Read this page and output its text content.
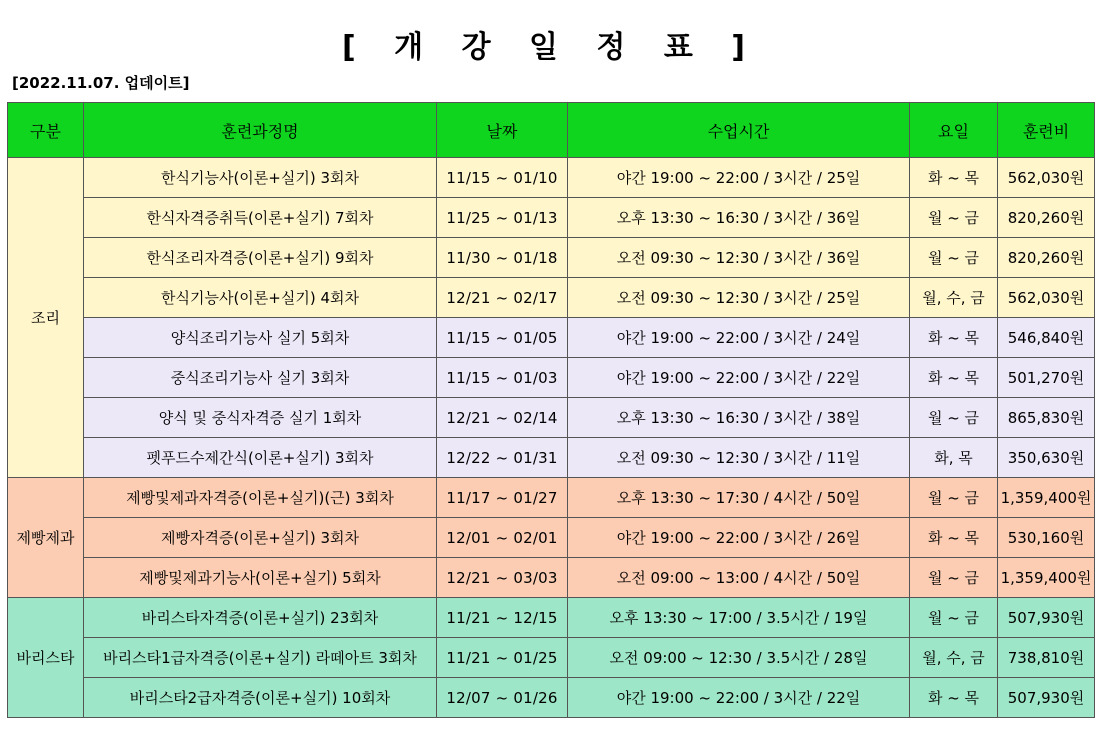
[ 개 강 일 정 표 ]
[2022.11.07. 업데이트]
구분	훈련과정명	날짜	수업시간	요일	훈련비
조리	한식기능사(이론+실기) 3회차	11/15 ~ 01/10	야간 19:00 ~ 22:00 / 3시간 / 25일	화 ~ 목	562,030원
	한식자격증취득(이론+실기) 7회차	11/25 ~ 01/13	오후 13:30 ~ 16:30 / 3시간 / 36일	월 ~ 금	820,260원
	한식조리자격증(이론+실기) 9회차	11/30 ~ 01/18	오전 09:30 ~ 12:30 / 3시간 / 36일	월 ~ 금	820,260원
	한식기능사(이론+실기) 4회차	12/21 ~ 02/17	오전 09:30 ~ 12:30 / 3시간 / 25일	월, 수, 금	562,030원
	양식조리기능사 실기 5회차	11/15 ~ 01/05	야간 19:00 ~ 22:00 / 3시간 / 24일	화 ~ 목	546,840원
	중식조리기능사 실기 3회차	11/15 ~ 01/03	야간 19:00 ~ 22:00 / 3시간 / 22일	화 ~ 목	501,270원
	양식 및 중식자격증 실기 1회차	12/21 ~ 02/14	오후 13:30 ~ 16:30 / 3시간 / 38일	월 ~ 금	865,830원
	펫푸드수제간식(이론+실기) 3회차	12/22 ~ 01/31	오전 09:30 ~ 12:30 / 3시간 / 11일	화, 목	350,630원
제빵제과	제빵및제과자격증(이론+실기)(근) 3회차	11/17 ~ 01/27	오후 13:30 ~ 17:30 / 4시간 / 50일	월 ~ 금	1,359,400원
	제빵자격증(이론+실기) 3회차	12/01 ~ 02/01	야간 19:00 ~ 22:00 / 3시간 / 26일	화 ~ 목	530,160원
	제빵및제과기능사(이론+실기) 5회차	12/21 ~ 03/03	오전 09:00 ~ 13:00 / 4시간 / 50일	월 ~ 금	1,359,400원
바리스타	바리스타자격증(이론+실기) 23회차	11/21 ~ 12/15	오후 13:30 ~ 17:00 / 3.5시간 / 19일	월 ~ 금	507,930원
	바리스타1급자격증(이론+실기) 라떼아트 3회차	11/21 ~ 01/25	오전 09:00 ~ 12:30 / 3.5시간 / 28일	월, 수, 금	738,810원
	바리스타2급자격증(이론+실기) 10회차	12/07 ~ 01/26	야간 19:00 ~ 22:00 / 3시간 / 22일	화 ~ 목	507,930원
